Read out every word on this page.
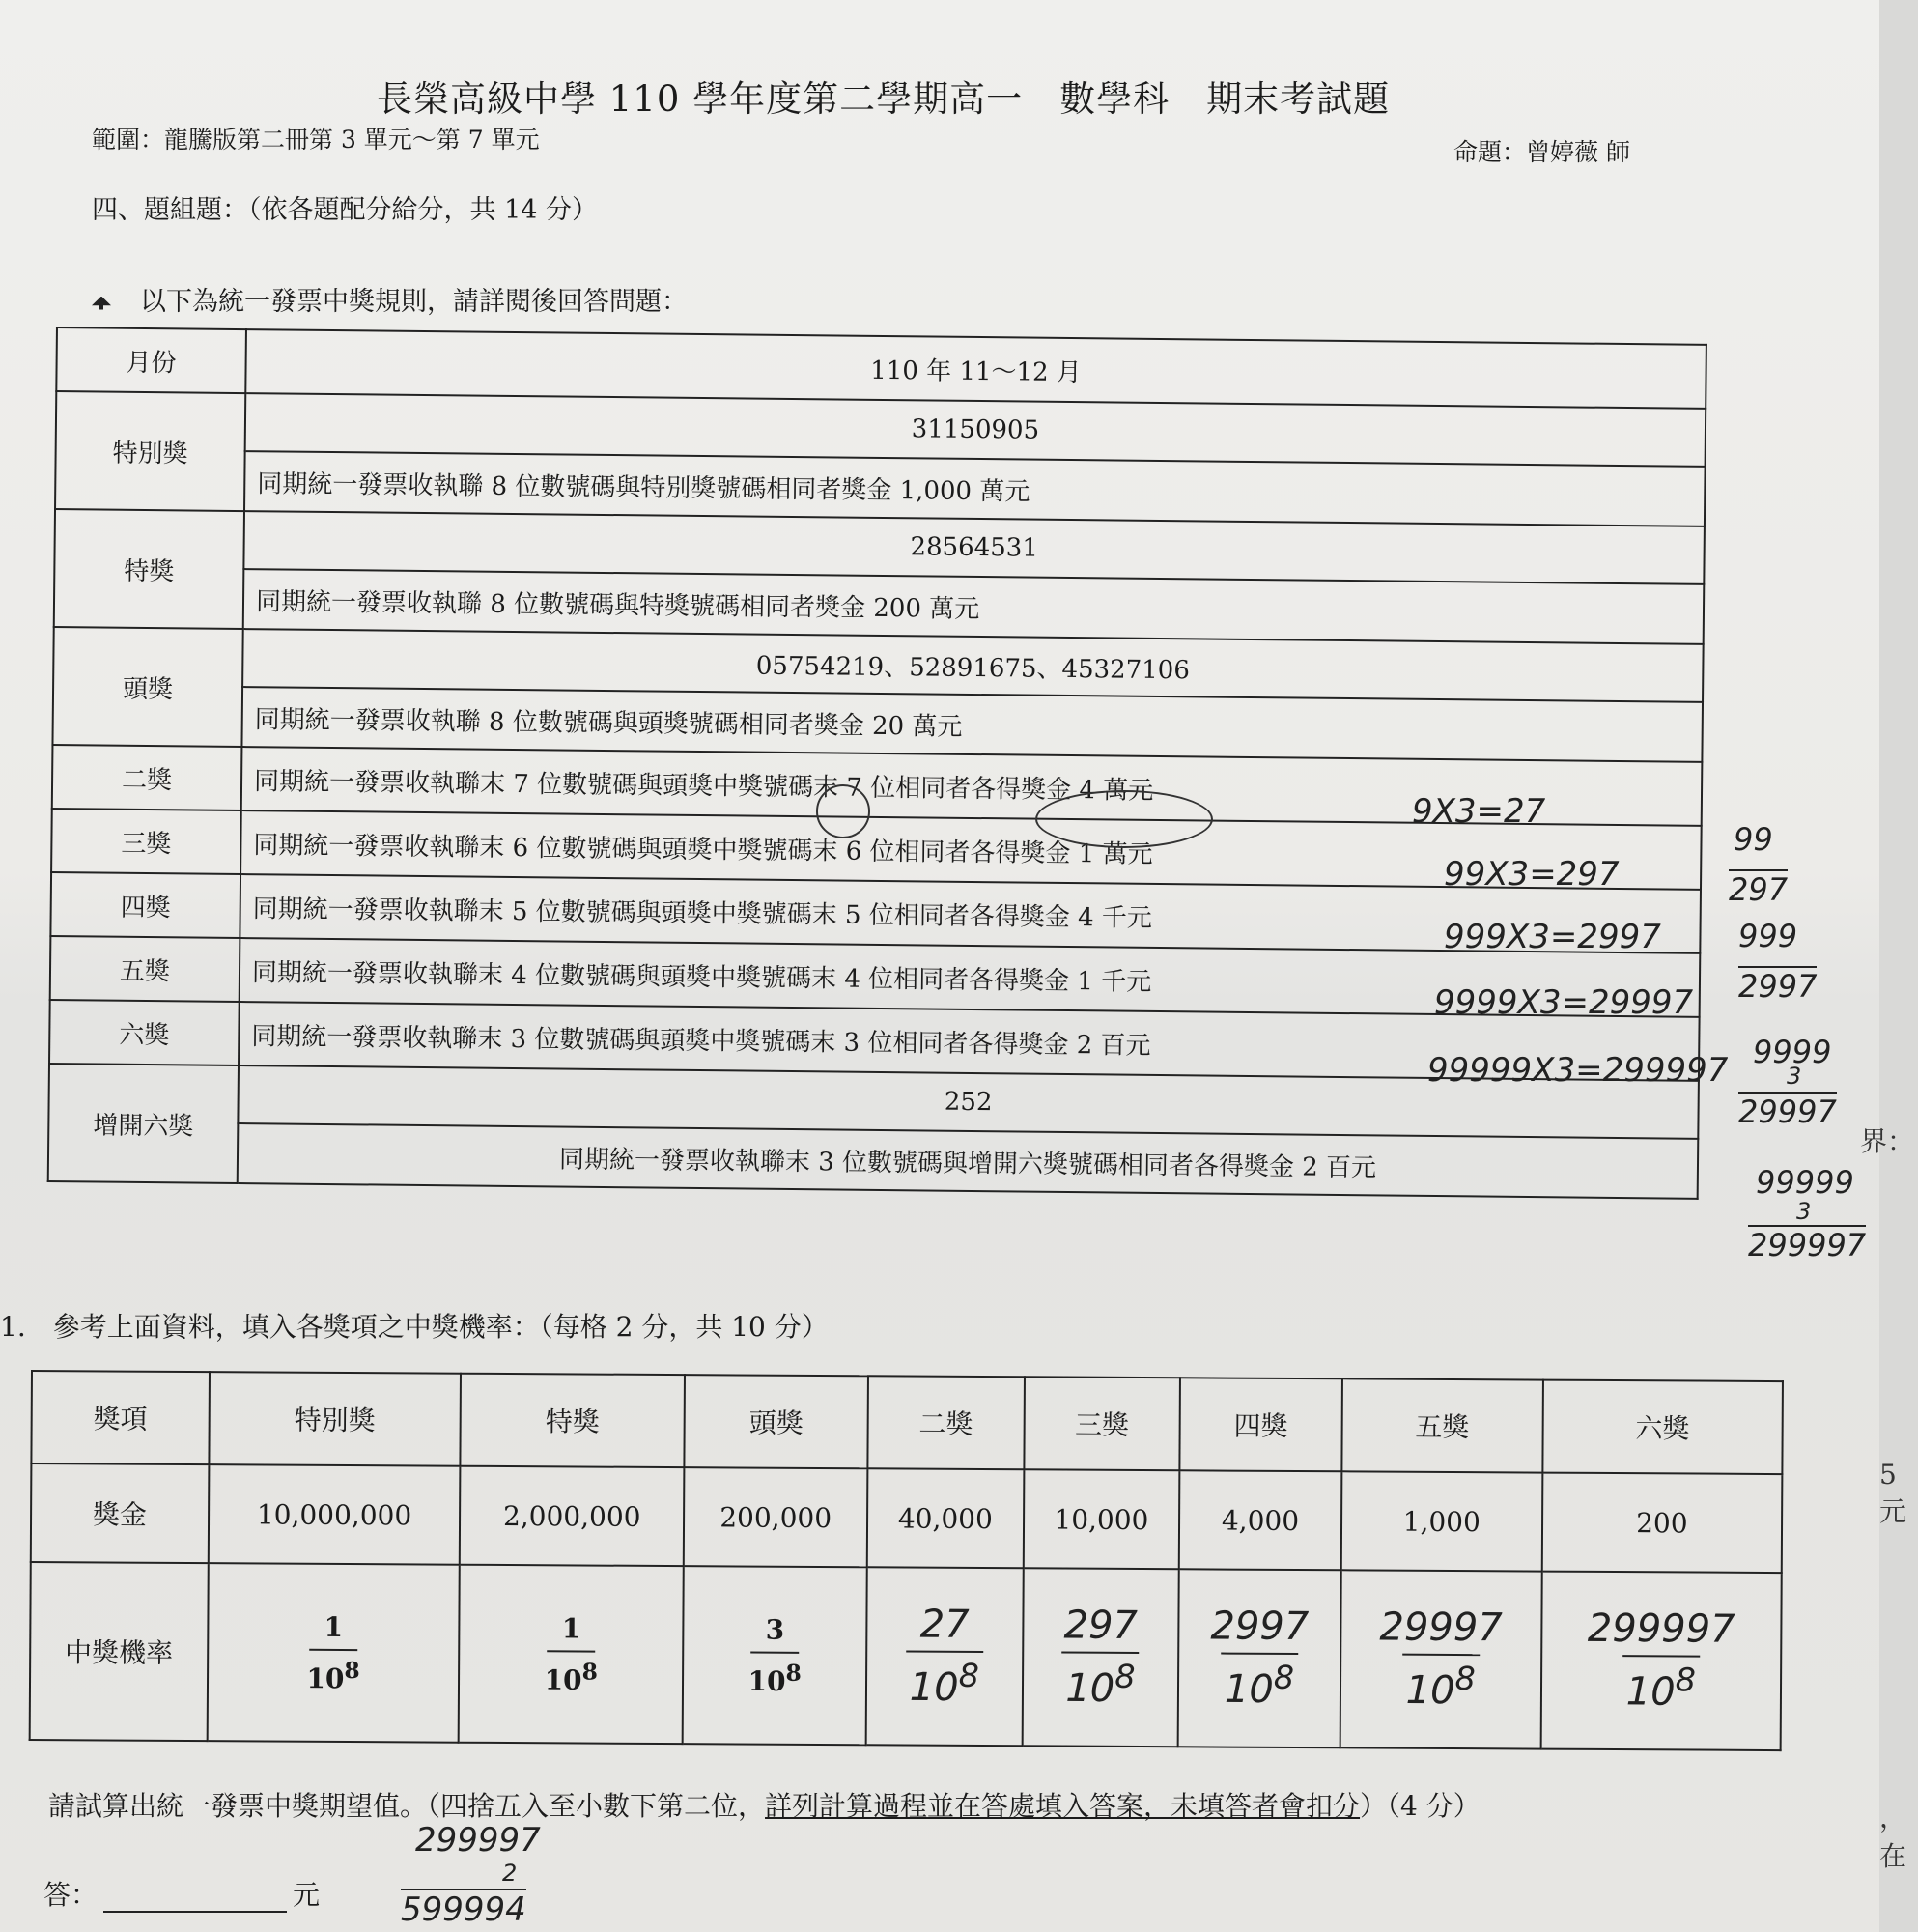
界：
5 元
，在
長榮高級中學 110 學年度第二學期高一　數學科　期末考試題
範圍：龍騰版第二冊第 3 單元～第 7 單元	命題：曾婷薇 師
四、題組題：（依各題配分給分，共 14 分）
以下為統一發票中獎規則，請詳閱後回答問題：
月份	110 年 11～12 月
特別獎	31150905
	同期統一發票收執聯 8 位數號碼與特別獎號碼相同者獎金 1,000 萬元
特獎	28564531
	同期統一發票收執聯 8 位數號碼與特獎號碼相同者獎金 200 萬元
頭獎	05754219、52891675、45327106
	同期統一發票收執聯 8 位數號碼與頭獎號碼相同者獎金 20 萬元
二獎	同期統一發票收執聯末 7 位數號碼與頭獎中獎號碼末 7 位相同者各得獎金 4 萬元
三獎	同期統一發票收執聯末 6 位數號碼與頭獎中獎號碼末 6 位相同者各得獎金 1 萬元
四獎	同期統一發票收執聯末 5 位數號碼與頭獎中獎號碼末 5 位相同者各得獎金 4 千元
五獎	同期統一發票收執聯末 4 位數號碼與頭獎中獎號碼末 4 位相同者各得獎金 1 千元
六獎	同期統一發票收執聯末 3 位數號碼與頭獎中獎號碼末 3 位相同者各得獎金 2 百元
增開六獎	252
	同期統一發票收執聯末 3 位數號碼與增開六獎號碼相同者各得獎金 2 百元
9X3=27
99X3=297
999X3=2997
9999X3=29997
99999X3=299997
99
297
999
2997
9999
3
29997
99999
3
299997
1.　參考上面資料，填入各獎項之中獎機率：（每格 2 分，共 10 分）
獎項	特別獎	特獎	頭獎	二獎	三獎	四獎	五獎	六獎
獎金	10,000,000	2,000,000	200,000	40,000	10,000	4,000	1,000	200
中獎機率	$\frac{1}{10^8}$	$\frac{1}{10^8}$	$\frac{3}{10^8}$	$\frac{27}{10^8}$	$\frac{297}{10^8}$	$\frac{2997}{10^8}$	$\frac{29997}{10^8}$	$\frac{299997}{10^8}$
請試算出統一發票中獎期望值。（四捨五入至小數下第二位，詳列計算過程並在答處填入答案，未填答者會扣分）（4 分）
299997
2
599994
答：	元
